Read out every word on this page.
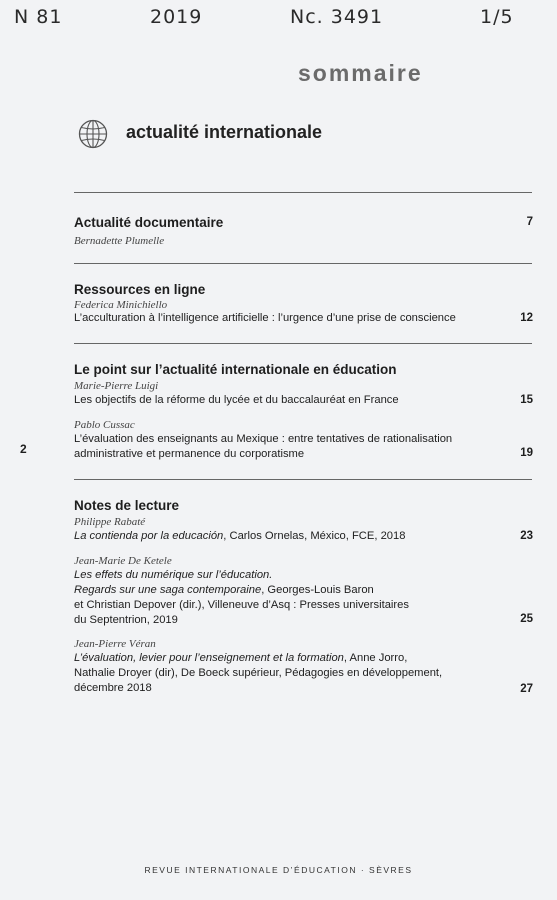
N 81	2019	Nc. 3491	1/5
sommaire
actualité internationale
Actualité documentaire	7
Bernadette Plumelle
Ressources en ligne
Federica Minichiello
L’acculturation à l’intelligence artificielle : l’urgence d’une prise de conscience	12
Le point sur l’actualité internationale en éducation
Marie-Pierre Luigi
Les objectifs de la réforme du lycée et du baccalauréat en France	15
Pablo Cussac
L’évaluation des enseignants au Mexique : entre tentatives de rationalisation
administrative et permanence du corporatisme	19
2
Notes de lecture
Philippe Rabaté
La contienda por la educación, Carlos Ornelas, México, FCE, 2018	23
Jean-Marie De Ketele
Les effets du numérique sur l’éducation.
Regards sur une saga contemporaine, Georges-Louis Baron
et Christian Depover (dir.), Villeneuve d’Asq : Presses universitaires
du Septentrion, 2019	25
Jean-Pierre Véran
L’évaluation, levier pour l’enseignement et la formation, Anne Jorro,
Nathalie Droyer (dir), De Boeck supérieur, Pédagogies en développement,
décembre 2018	27
REVUE INTERNATIONALE D’ÉDUCATION · SÈVRES
